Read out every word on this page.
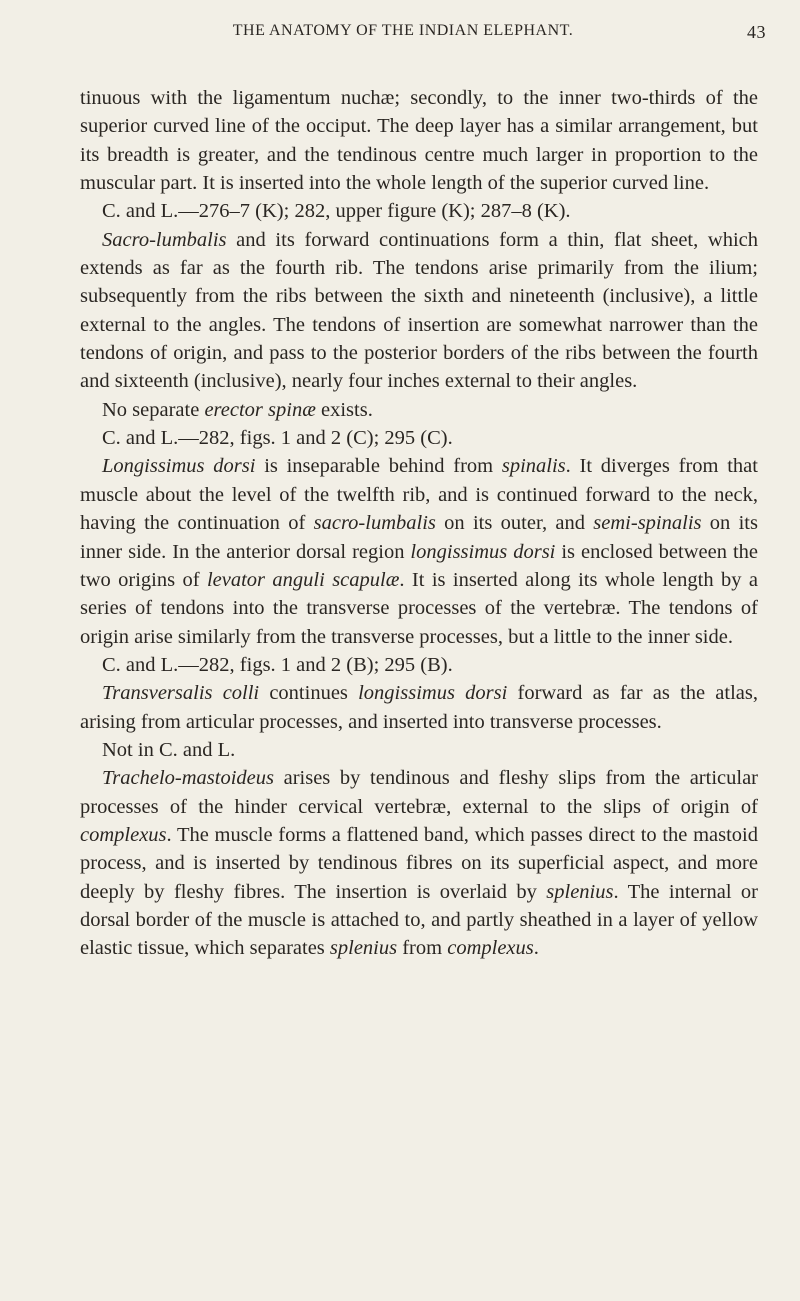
THE ANATOMY OF THE INDIAN ELEPHANT.	43

tinuous with the ligamentum nuchæ; secondly, to the inner two-thirds of the superior curved line of the occiput. The deep layer has a similar arrangement, but its breadth is greater, and the tendinous centre much larger in proportion to the muscular part. It is inserted into the whole length of the superior curved line.

C. and L.—276–7 (K); 282, upper figure (K); 287–8 (K).

Sacro-lumbalis and its forward continuations form a thin, flat sheet, which extends as far as the fourth rib. The tendons arise primarily from the ilium; subsequently from the ribs between the sixth and nineteenth (inclusive), a little external to the angles. The tendons of insertion are somewhat narrower than the tendons of origin, and pass to the posterior borders of the ribs between the fourth and sixteenth (inclusive), nearly four inches external to their angles.

No separate erector spinæ exists.

C. and L.—282, figs. 1 and 2 (C); 295 (C).

Longissimus dorsi is inseparable behind from spinalis. It diverges from that muscle about the level of the twelfth rib, and is continued forward to the neck, having the continuation of sacro-lumbalis on its outer, and semi-spinalis on its inner side. In the anterior dorsal region longissimus dorsi is enclosed between the two origins of levator anguli scapulæ. It is inserted along its whole length by a series of tendons into the transverse processes of the vertebræ. The tendons of origin arise similarly from the transverse processes, but a little to the inner side.

C. and L.—282, figs. 1 and 2 (B); 295 (B).

Transversalis colli continues longissimus dorsi forward as far as the atlas, arising from articular processes, and inserted into transverse processes.

Not in C. and L.

Trachelo-mastoideus arises by tendinous and fleshy slips from the articular processes of the hinder cervical vertebræ, external to the slips of origin of complexus. The muscle forms a flattened band, which passes direct to the mastoid process, and is inserted by tendinous fibres on its superficial aspect, and more deeply by fleshy fibres. The insertion is overlaid by splenius. The internal or dorsal border of the muscle is attached to, and partly sheathed in a layer of yellow elastic tissue, which separates splenius from complexus.
